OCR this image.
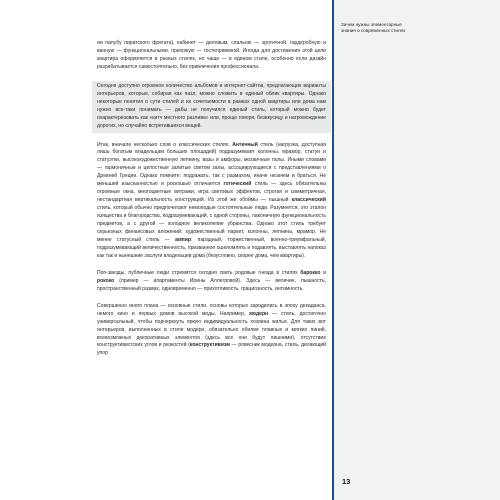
Зачем нужны элементарные
знания о современных стилях

ии палубу пиратского фрегата), кабинет — деловым, спальню — эротичной, гардеробную и ванную — функциональными, прихожую — гостеприимной. Иногда для достижения этой цели квартира оформляется в разных стилях, но чаще — в едином стиле, особенно если дизайн разрабатывается самостоятельно, без привлечения профессионала.

Сегодня доступно огромное количество альбомов и интернет-сайтов, предлагающих варианты интерьеров, которые, собирая как пазл, можно сложить в единый облик квартиры. Однако некоторые понятия о сути стилей и их сочетаемости в рамках одной квартиры или дома нам нужно все-таки понимать — дабы не получился единый стиль, который можно будет охарактеризовать как «китч местного разлива» или, проще говоря, безвкусицу и нагромождение дорогих, но случайно встретившихся вещей.

Итак, вначале несколько слов о классических стилях. Античный стиль (нагрузка, доступная лишь богатым владельцам больших площадей) подразумевает колонны, мрамор, статуи и статуэтки, высококудожественную лепнину, вазы и амфоры, мозаичные полы. Иными словами — гармоничные и целостные залитые светом залы, ассоциирующиеся с представлениями о Древней Греции. Однако помните: подражать, так с размахом, иначе незачем и браться. Не меньшей изысканностью и роскошью отличается готический стиль — здесь обязательны огромные окна, многоцветные витражи, игра световых эффектов, строгая и симметричная, нестандартная вертикальность конструкций. Из этой же обоймы — пышный классический стиль, который обычно предпочитают немолодые состоятельные люди. Разумеется, это эталон изящества и благородства, подразумевающий, с одной стороны, лаконичную функциональность предметов, а с другой — холодное великолепие убранства. Однако этот стиль требует серьезных финансовых вложений: художественный паркет, колонны, лепнина, мрамор. Не менее статусный стиль — ампир: парадный, торжественный, военно-триумфальный, подразумевающий величественность, призванное ошеломлять и подавлять, выставлять напоказ как так и нынешние заслуги владельцев дома (безусловно, скорее дома, чем квартиры).

Поп-звезды, публичные люди стремятся сегодня свить родовые гнезда в стилях барокко и рококо (пример — апартаменты Ирины Аллегровой). Здесь — величие, пышность, пространственный размах, одновременно — прихотливость, грациозность, интимность.

Совершенно иного плана — основные стили, основы которых зародились в эпоху декаданса, немого кино и первых домов высокой моды. Например, модерн — стиль, достаточно универсальный, чтобы подчеркнуть яркую индивидуальность хозяина жилья. Для таких вот интерьеров, выполненных в стиле модерн, обязательно обилие плавных и мягких линий, всевозможных декоративных элементов (здесь все они будут лишними), отсутствие конструктивистских углов и резкостей (конструктивизм — ровесник модерна, стиль, делающий упор

13
